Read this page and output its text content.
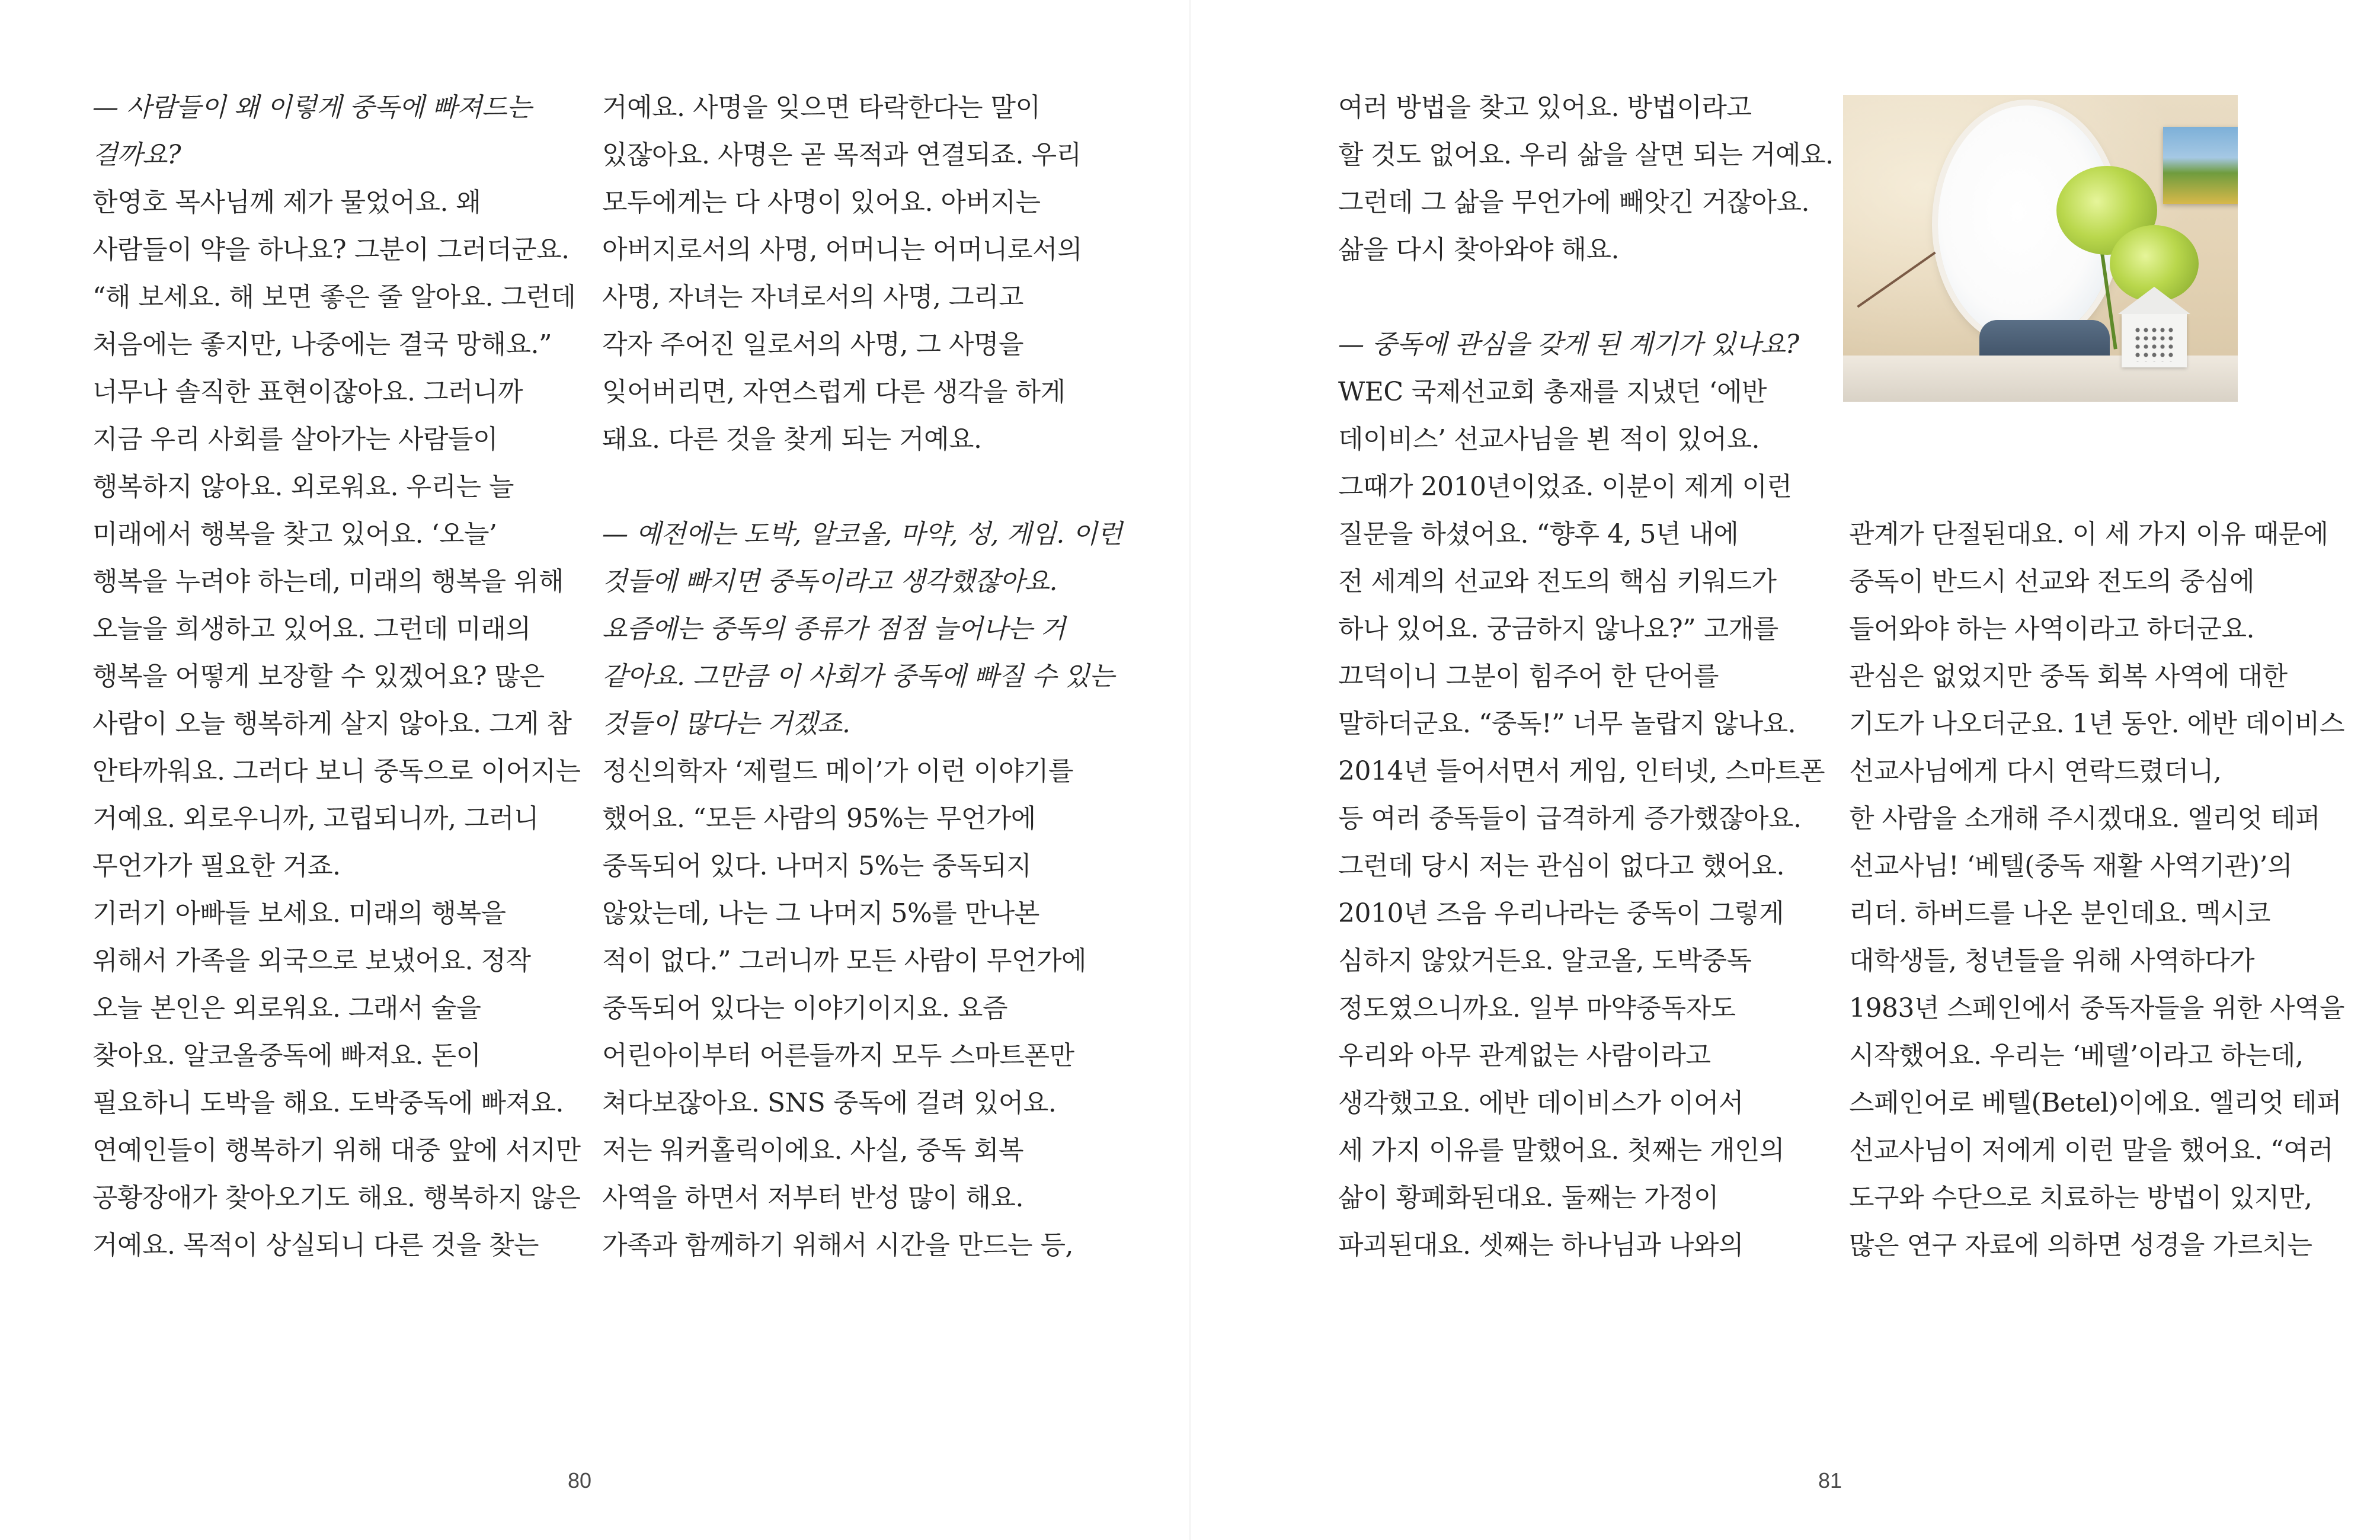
— 사람들이 왜 이렇게 중독에 빠져드는
걸까요?
한영호 목사님께 제가 물었어요. 왜
사람들이 약을 하나요? 그분이 그러더군요.
“해 보세요. 해 보면 좋은 줄 알아요. 그런데
처음에는 좋지만, 나중에는 결국 망해요.”
너무나 솔직한 표현이잖아요. 그러니까
지금 우리 사회를 살아가는 사람들이
행복하지 않아요. 외로워요. 우리는 늘
미래에서 행복을 찾고 있어요. ‘오늘’
행복을 누려야 하는데, 미래의 행복을 위해
오늘을 희생하고 있어요. 그런데 미래의
행복을 어떻게 보장할 수 있겠어요? 많은
사람이 오늘 행복하게 살지 않아요. 그게 참
안타까워요. 그러다 보니 중독으로 이어지는
거예요. 외로우니까, 고립되니까, 그러니
무언가가 필요한 거죠.
기러기 아빠들 보세요. 미래의 행복을
위해서 가족을 외국으로 보냈어요. 정작
오늘 본인은 외로워요. 그래서 술을
찾아요. 알코올중독에 빠져요. 돈이
필요하니 도박을 해요. 도박중독에 빠져요.
연예인들이 행복하기 위해 대중 앞에 서지만
공황장애가 찾아오기도 해요. 행복하지 않은
거예요. 목적이 상실되니 다른 것을 찾는
거예요. 사명을 잊으면 타락한다는 말이
있잖아요. 사명은 곧 목적과 연결되죠. 우리
모두에게는 다 사명이 있어요. 아버지는
아버지로서의 사명, 어머니는 어머니로서의
사명, 자녀는 자녀로서의 사명, 그리고
각자 주어진 일로서의 사명, 그 사명을
잊어버리면, 자연스럽게 다른 생각을 하게
돼요. 다른 것을 찾게 되는 거예요.
— 예전에는 도박, 알코올, 마약, 성, 게임. 이런
것들에 빠지면 중독이라고 생각했잖아요.
요즘에는 중독의 종류가 점점 늘어나는 거
같아요. 그만큼 이 사회가 중독에 빠질 수 있는
것들이 많다는 거겠죠.
정신의학자 ‘제럴드 메이’가 이런 이야기를
했어요. “모든 사람의 95%는 무언가에
중독되어 있다. 나머지 5%는 중독되지
않았는데, 나는 그 나머지 5%를 만나본
적이 없다.” 그러니까 모든 사람이 무언가에
중독되어 있다는 이야기이지요. 요즘
어린아이부터 어른들까지 모두 스마트폰만
쳐다보잖아요. SNS 중독에 걸려 있어요.
저는 워커홀릭이에요. 사실, 중독 회복
사역을 하면서 저부터 반성 많이 해요.
가족과 함께하기 위해서 시간을 만드는 등,
80
여러 방법을 찾고 있어요. 방법이라고
할 것도 없어요. 우리 삶을 살면 되는 거예요.
그런데 그 삶을 무언가에 빼앗긴 거잖아요.
삶을 다시 찾아와야 해요.
— 중독에 관심을 갖게 된 계기가 있나요?
WEC 국제선교회 총재를 지냈던 ‘에반
데이비스’ 선교사님을 뵌 적이 있어요.
그때가 2010년이었죠. 이분이 제게 이런
질문을 하셨어요. “향후 4, 5년 내에
전 세계의 선교와 전도의 핵심 키워드가
하나 있어요. 궁금하지 않나요?” 고개를
끄덕이니 그분이 힘주어 한 단어를
말하더군요. “중독!” 너무 놀랍지 않나요.
2014년 들어서면서 게임, 인터넷, 스마트폰
등 여러 중독들이 급격하게 증가했잖아요.
그런데 당시 저는 관심이 없다고 했어요.
2010년 즈음 우리나라는 중독이 그렇게
심하지 않았거든요. 알코올, 도박중독
정도였으니까요. 일부 마약중독자도
우리와 아무 관계없는 사람이라고
생각했고요. 에반 데이비스가 이어서
세 가지 이유를 말했어요. 첫째는 개인의
삶이 황폐화된대요. 둘째는 가정이
파괴된대요. 셋째는 하나님과 나와의
관계가 단절된대요. 이 세 가지 이유 때문에
중독이 반드시 선교와 전도의 중심에
들어와야 하는 사역이라고 하더군요.
관심은 없었지만 중독 회복 사역에 대한
기도가 나오더군요. 1년 동안. 에반 데이비스
선교사님에게 다시 연락드렸더니,
한 사람을 소개해 주시겠대요. 엘리엇 테퍼
선교사님! ‘베텔(중독 재활 사역기관)’의
리더. 하버드를 나온 분인데요. 멕시코
대학생들, 청년들을 위해 사역하다가
1983년 스페인에서 중독자들을 위한 사역을
시작했어요. 우리는 ‘베델’이라고 하는데,
스페인어로 베텔(Betel)이에요. 엘리엇 테퍼
선교사님이 저에게 이런 말을 했어요. “여러
도구와 수단으로 치료하는 방법이 있지만,
많은 연구 자료에 의하면 성경을 가르치는
81
